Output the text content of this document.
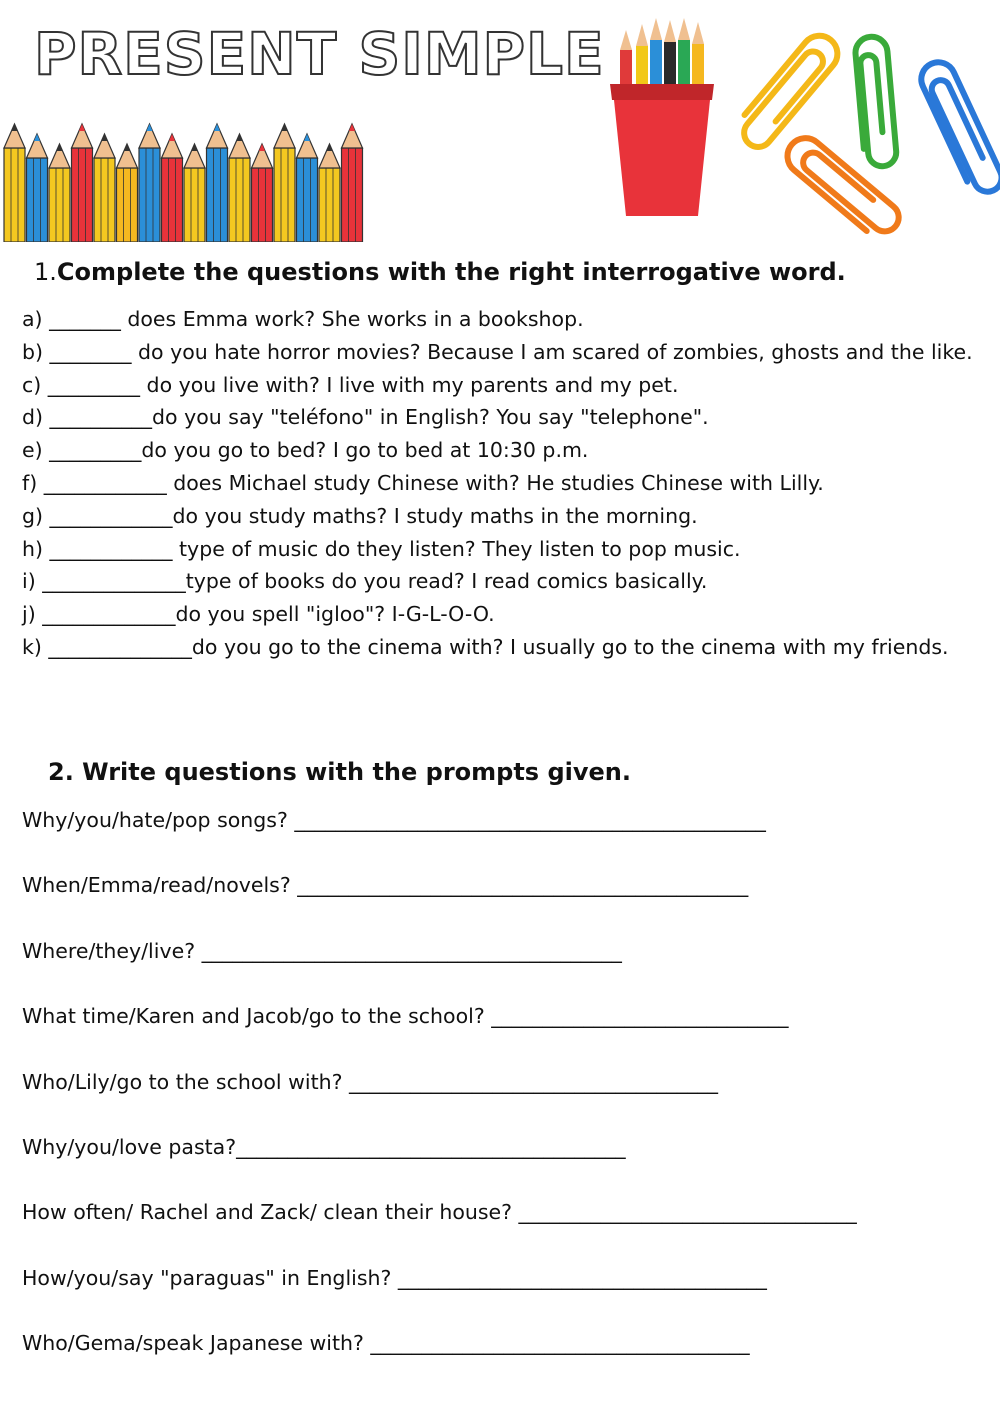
PRESENT SIMPLE
1.Complete the questions with the right interrogative word.
a) _______ does Emma work? She works in a bookshop.
b) ________ do you hate horror movies? Because I am scared of zombies, ghosts and the like.
c) _________ do you live with? I live with my parents and my pet.
d) __________do you say "teléfono" in English? You say "telephone".
e) _________do you go to bed? I go to bed at 10:30 p.m.
f) ____________ does Michael study Chinese with? He studies Chinese with Lilly.
g) ____________do you study maths? I study maths in the morning.
h) ____________ type of music do they listen? They listen to pop music.
i) ______________type of books do you read? I read comics basically.
j) _____________do you spell "igloo"? I-G-L-O-O.
k) ______________do you go to the cinema with? I usually go to the cinema with my friends.
2. Write questions with the prompts given.
Why/you/hate/pop songs? ______________________________________________
When/Emma/read/novels? ____________________________________________
Where/they/live? _________________________________________
What time/Karen and Jacob/go to the school? _____________________________
Who/Lily/go to the school with? ____________________________________
Why/you/love pasta?______________________________________
How often/ Rachel and Zack/ clean their house? _________________________________
How/you/say "paraguas" in English? ____________________________________
Who/Gema/speak Japanese with? _____________________________________
